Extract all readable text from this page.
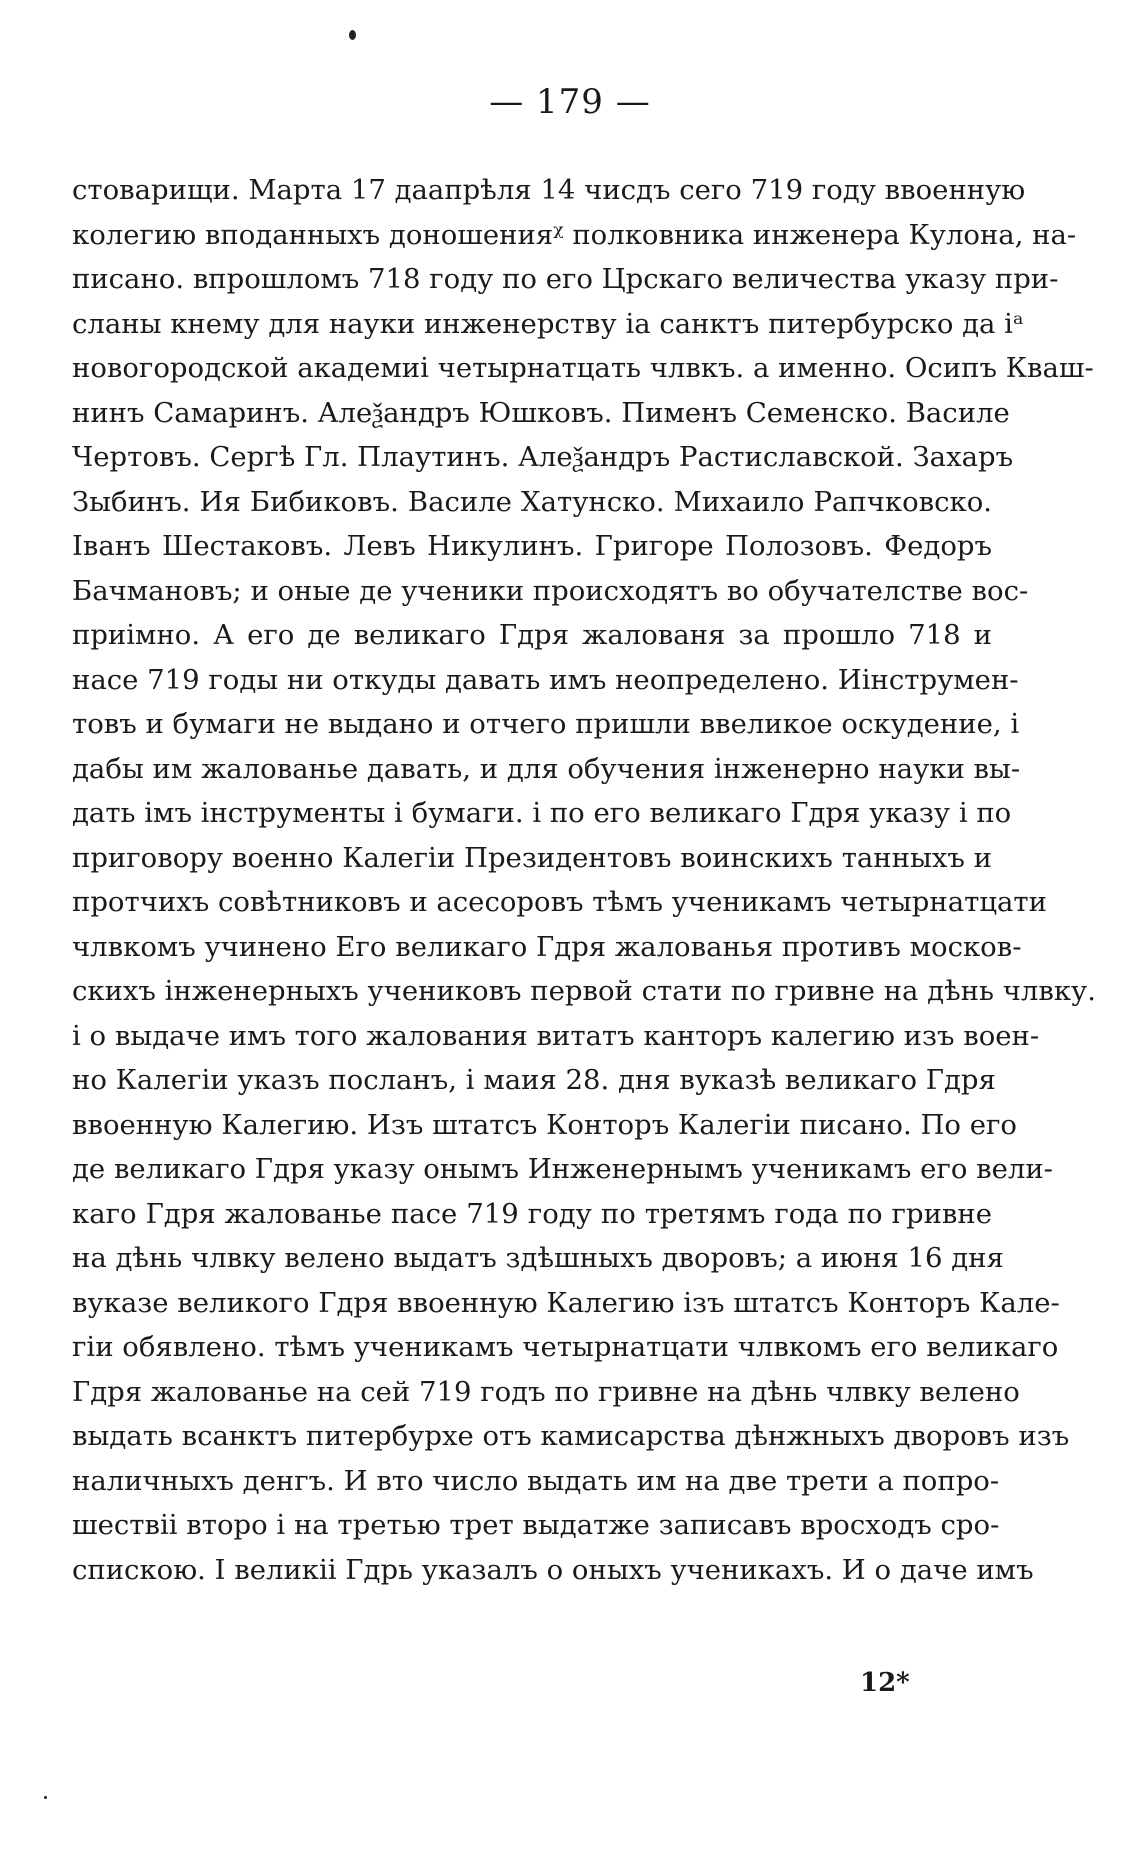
— 179 —
стоварищи. Марта 17 даапрѣля 14 чисдъ сего 719 году ввоенную
колегию вподанныхъ доношенияᵡ полковника инженера Кулона, на-
писано. впрошломъ 718 году по его Црскаго величества указу при-
сланы кнему для науки инженерству ia санктъ питербурско да iᵃ
новогородской академиi четырнатцать члвкъ. а именно. Осипъ Кваш-
нинъ Самаринъ. Алеѯандръ Юшковъ. Пименъ Семенско. Василе
Чертовъ. Сергѣ Гл. Плаутинъ. Алеѯандръ Растиславской. Захаръ
Зыбинъ. Ия Бибиковъ. Василе Хатунско. Михаило Рапчковско.
Iванъ Шестаковъ. Левъ Никулинъ. Григоре Полозовъ. Федоръ
Бачмановъ; и оные де ученики происходятъ во обучателстве вос-
приiмно. А его де великаго Гдря жалованя за прошло 718 и
насе 719 годы ни откуды давать имъ неопределено. Иiнструмен-
товъ и бумаги не выдано и отчего пришли ввеликое оскудение, i
дабы им жалованье давать, и для обучения iнженерно науки вы-
дать iмъ iнструменты i бумаги. i по его великаго Гдря указу i по
приговору военно Калегiи Президентовъ воинскихъ танныхъ и
протчихъ совѣтниковъ и асесоровъ тѣмъ ученикамъ четырнатцати
члвкомъ учинено Его великаго Гдря жалованья противъ москов-
скихъ iнженерныхъ учениковъ первой стати по гривне на дѣнь члвку.
i о выдаче имъ того жалования витатъ канторъ калегию изъ воен-
но Калегiи указъ посланъ, i маия 28. дня вуказѣ великаго Гдря
ввоенную Калегию. Изъ штатсъ Конторъ Калегiи писано. По его
де великаго Гдря указу онымъ Инженернымъ ученикамъ его вели-
каго Гдря жалованье пасе 719 году по третямъ года по гривне
на дѣнь члвку велено выдатъ здѣшныхъ дворовъ; а июня 16 дня
вуказе великого Гдря ввоенную Калегию iзъ штатсъ Конторъ Кале-
гiи обявлено. тѣмъ ученикамъ четырнатцати члвкомъ его великаго
Гдря жалованье на сей 719 годъ по гривне на дѣнь члвку велено
выдать всанктъ питербурхе отъ камисарства дѣнжныхъ дворовъ изъ
наличныхъ денгъ. И вто число выдать им на две трети а попро-
шествii второ i на третью трет выдатже записавъ вросходъ сро-
спискою. I великii Гдрь указалъ о оныхъ ученикахъ. И о даче имъ
12*
